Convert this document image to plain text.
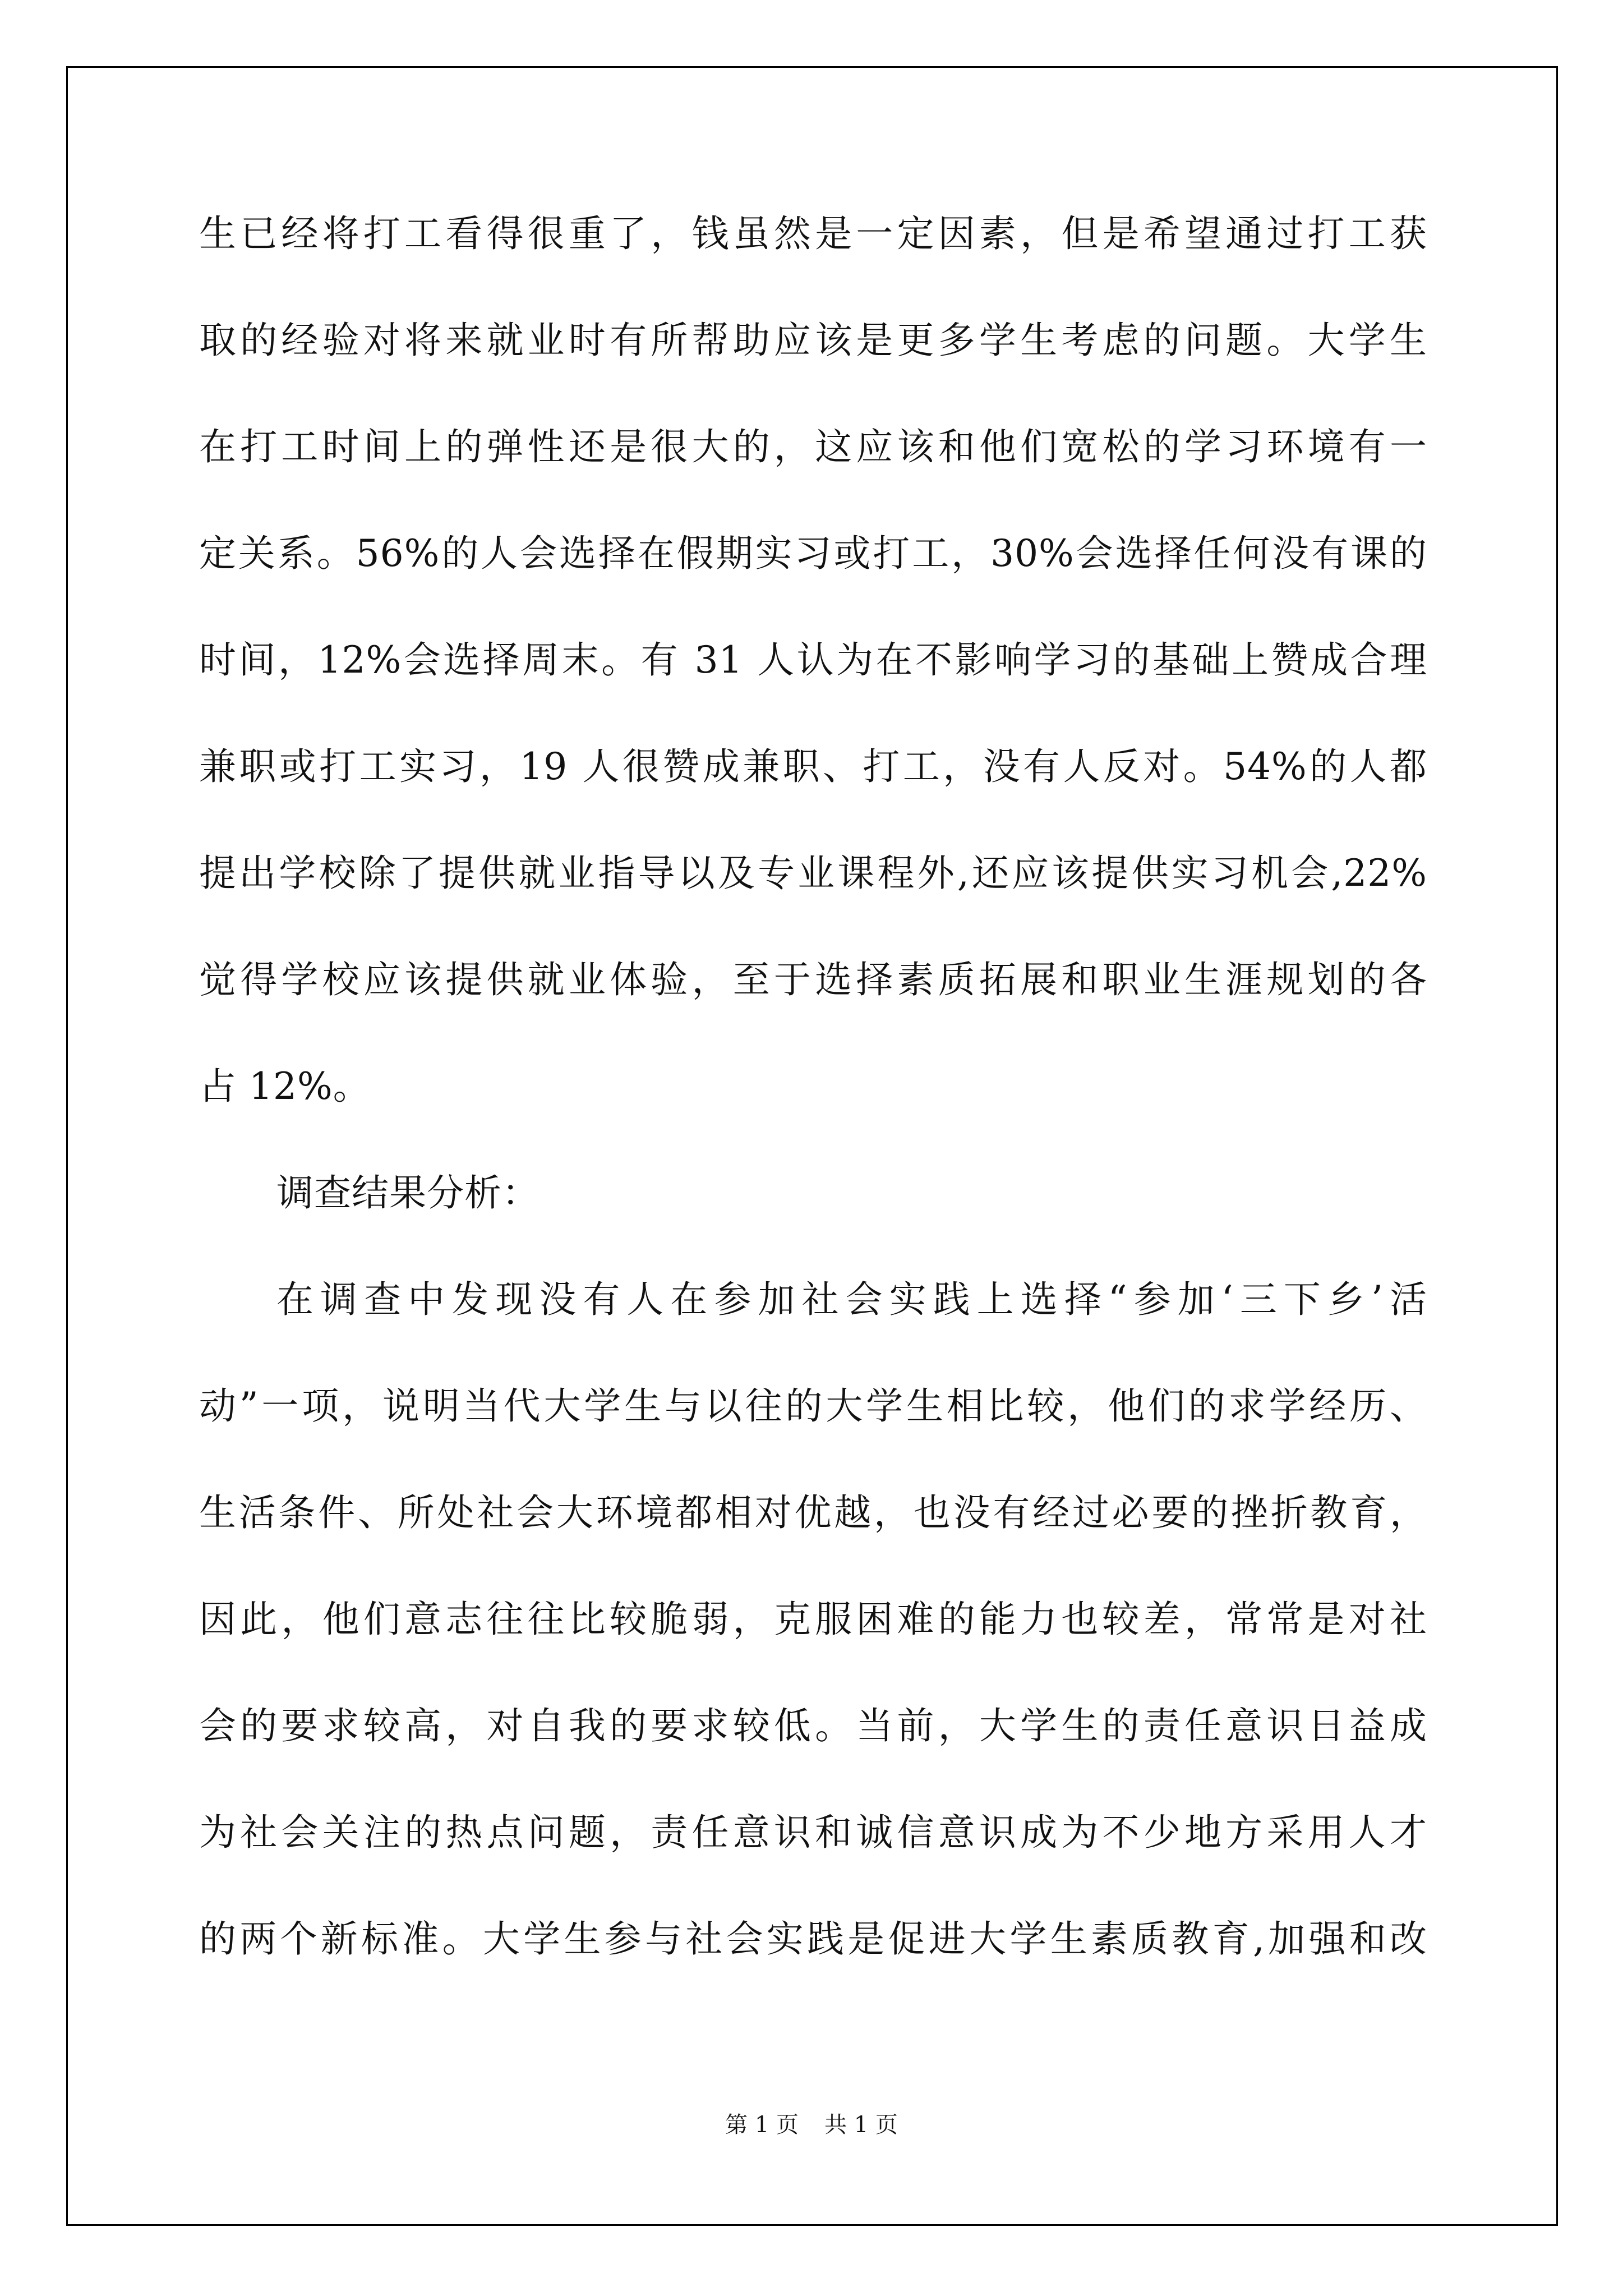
生已经将打工看得很重了，钱虽然是一定因素，但是希望通过打工获
取的经验对将来就业时有所帮助应该是更多学生考虑的问题。大学生
在打工时间上的弹性还是很大的，这应该和他们宽松的学习环境有一
定关系。56%的人会选择在假期实习或打工，30%会选择任何没有课的
时间，12%会选择周末。有 31 人认为在不影响学习的基础上赞成合理
兼职或打工实习，19 人很赞成兼职、打工，没有人反对。54%的人都
提出学校除了提供就业指导以及专业课程外,还应该提供实习机会,22%
觉得学校应该提供就业体验，至于选择素质拓展和职业生涯规划的各
占 12%。
调查结果分析：
在调查中发现没有人在参加社会实践上选择“参加‘三下乡’活
动”一项，说明当代大学生与以往的大学生相比较，他们的求学经历、
生活条件、所处社会大环境都相对优越，也没有经过必要的挫折教育，
因此，他们意志往往比较脆弱，克服困难的能力也较差，常常是对社
会的要求较高，对自我的要求较低。当前，大学生的责任意识日益成
为社会关注的热点问题，责任意识和诚信意识成为不少地方采用人才
的两个新标准。大学生参与社会实践是促进大学生素质教育,加强和改
第 1 页 共 1 页
